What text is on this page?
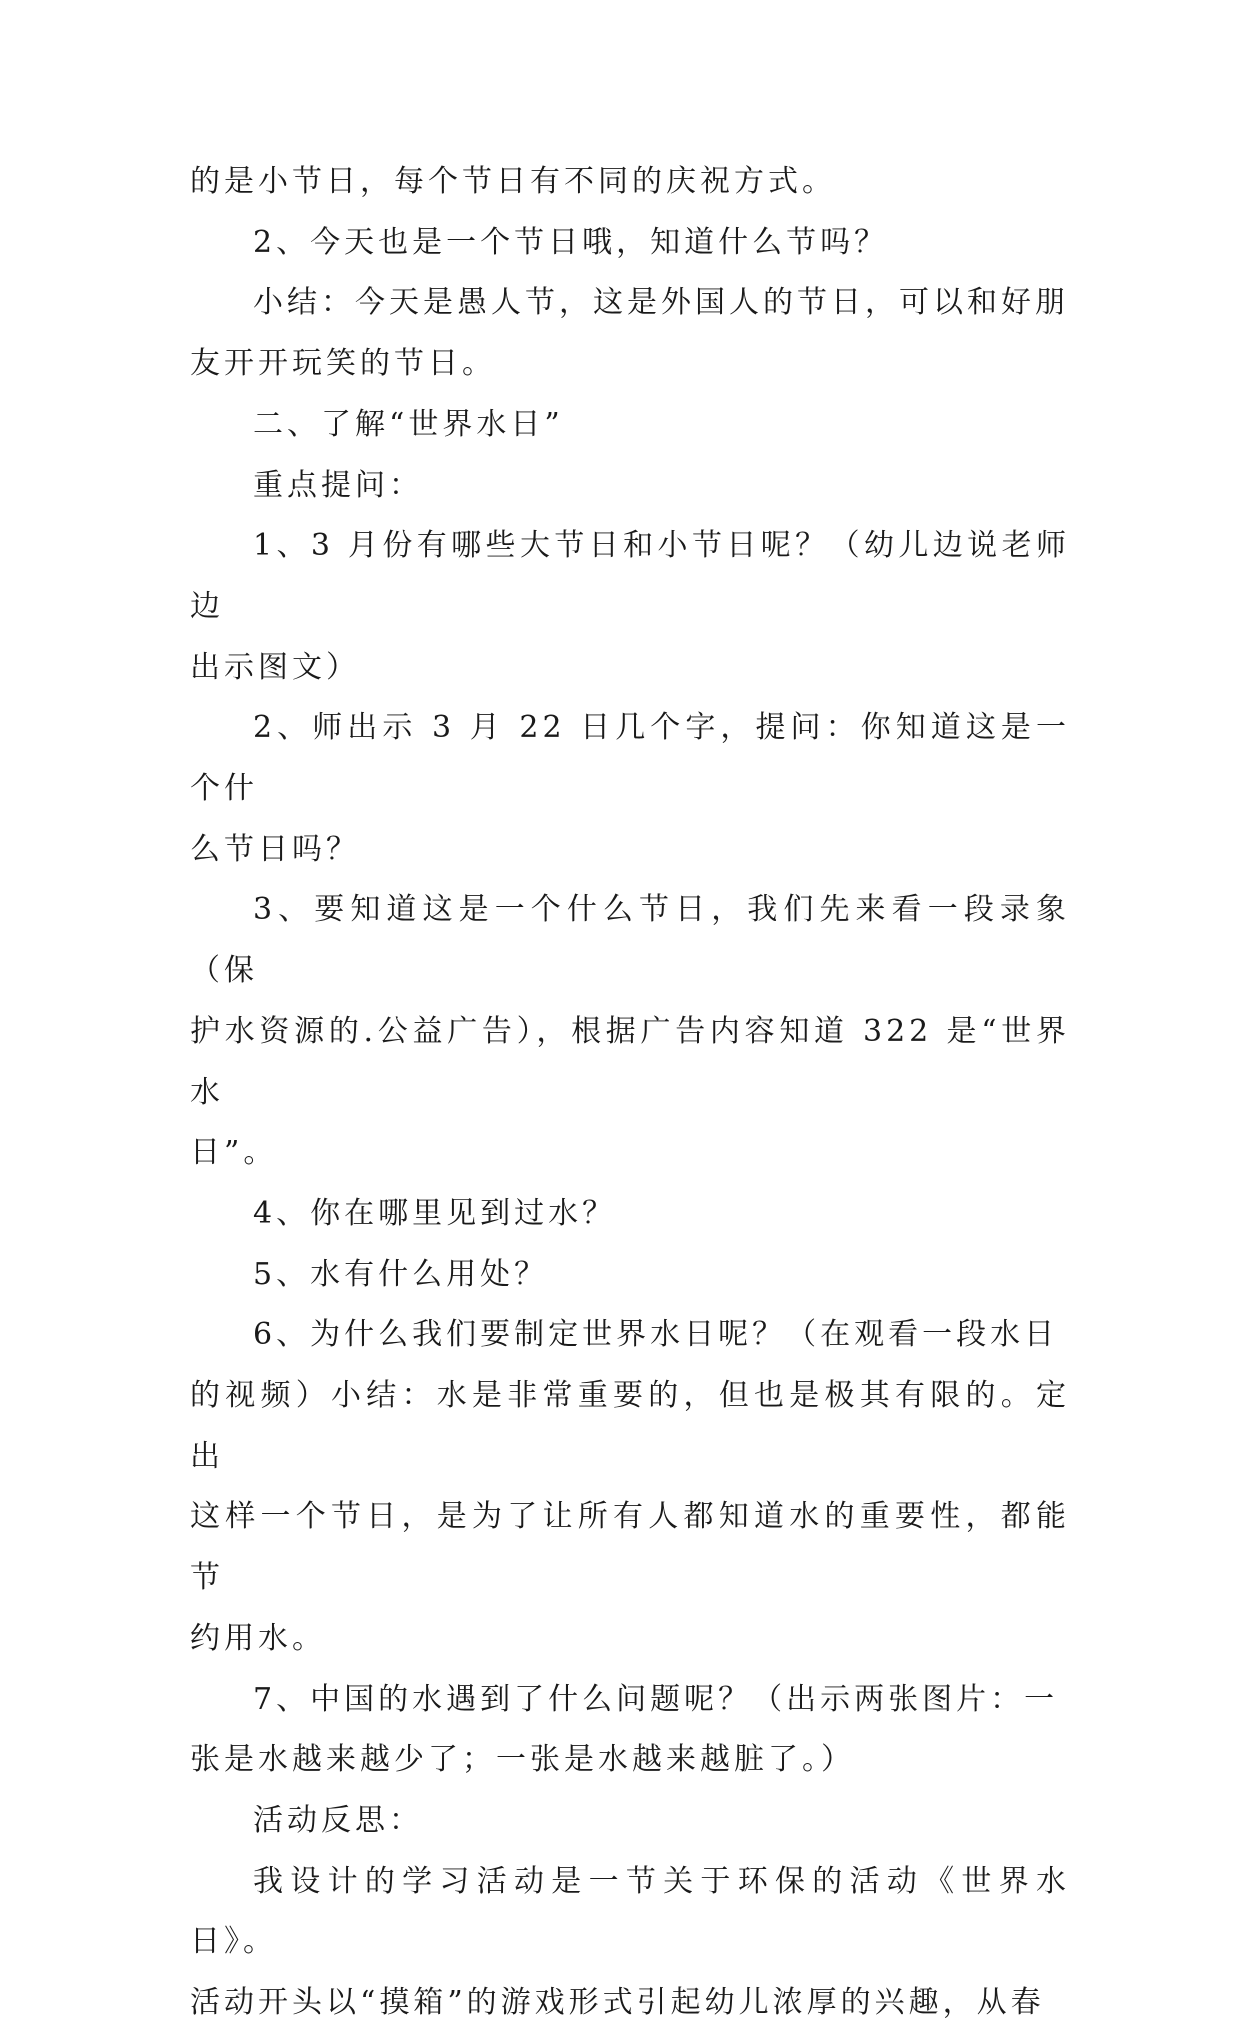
的是小节日，每个节日有不同的庆祝方式。
2、今天也是一个节日哦，知道什么节吗？
小结：今天是愚人节，这是外国人的节日，可以和好朋
友开开玩笑的节日。
二、了解“世界水日”
重点提问：
1、3 月份有哪些大节日和小节日呢？（幼儿边说老师边
出示图文）
2、师出示 3 月 22 日几个字，提问：你知道这是一个什
么节日吗？
3、要知道这是一个什么节日，我们先来看一段录象（保
护水资源的.公益广告），根据广告内容知道 322 是“世界水
日”。
4、你在哪里见到过水？
5、水有什么用处？
6、为什么我们要制定世界水日呢？（在观看一段水日
的视频）小结：水是非常重要的，但也是极其有限的。定出
这样一个节日，是为了让所有人都知道水的重要性，都能节
约用水。
7、中国的水遇到了什么问题呢？（出示两张图片：一
张是水越来越少了；一张是水越来越脏了。）
活动反思：
我设计的学习活动是一节关于环保的活动《世界水日》。
活动开头以“摸箱”的游戏形式引起幼儿浓厚的兴趣，从春
